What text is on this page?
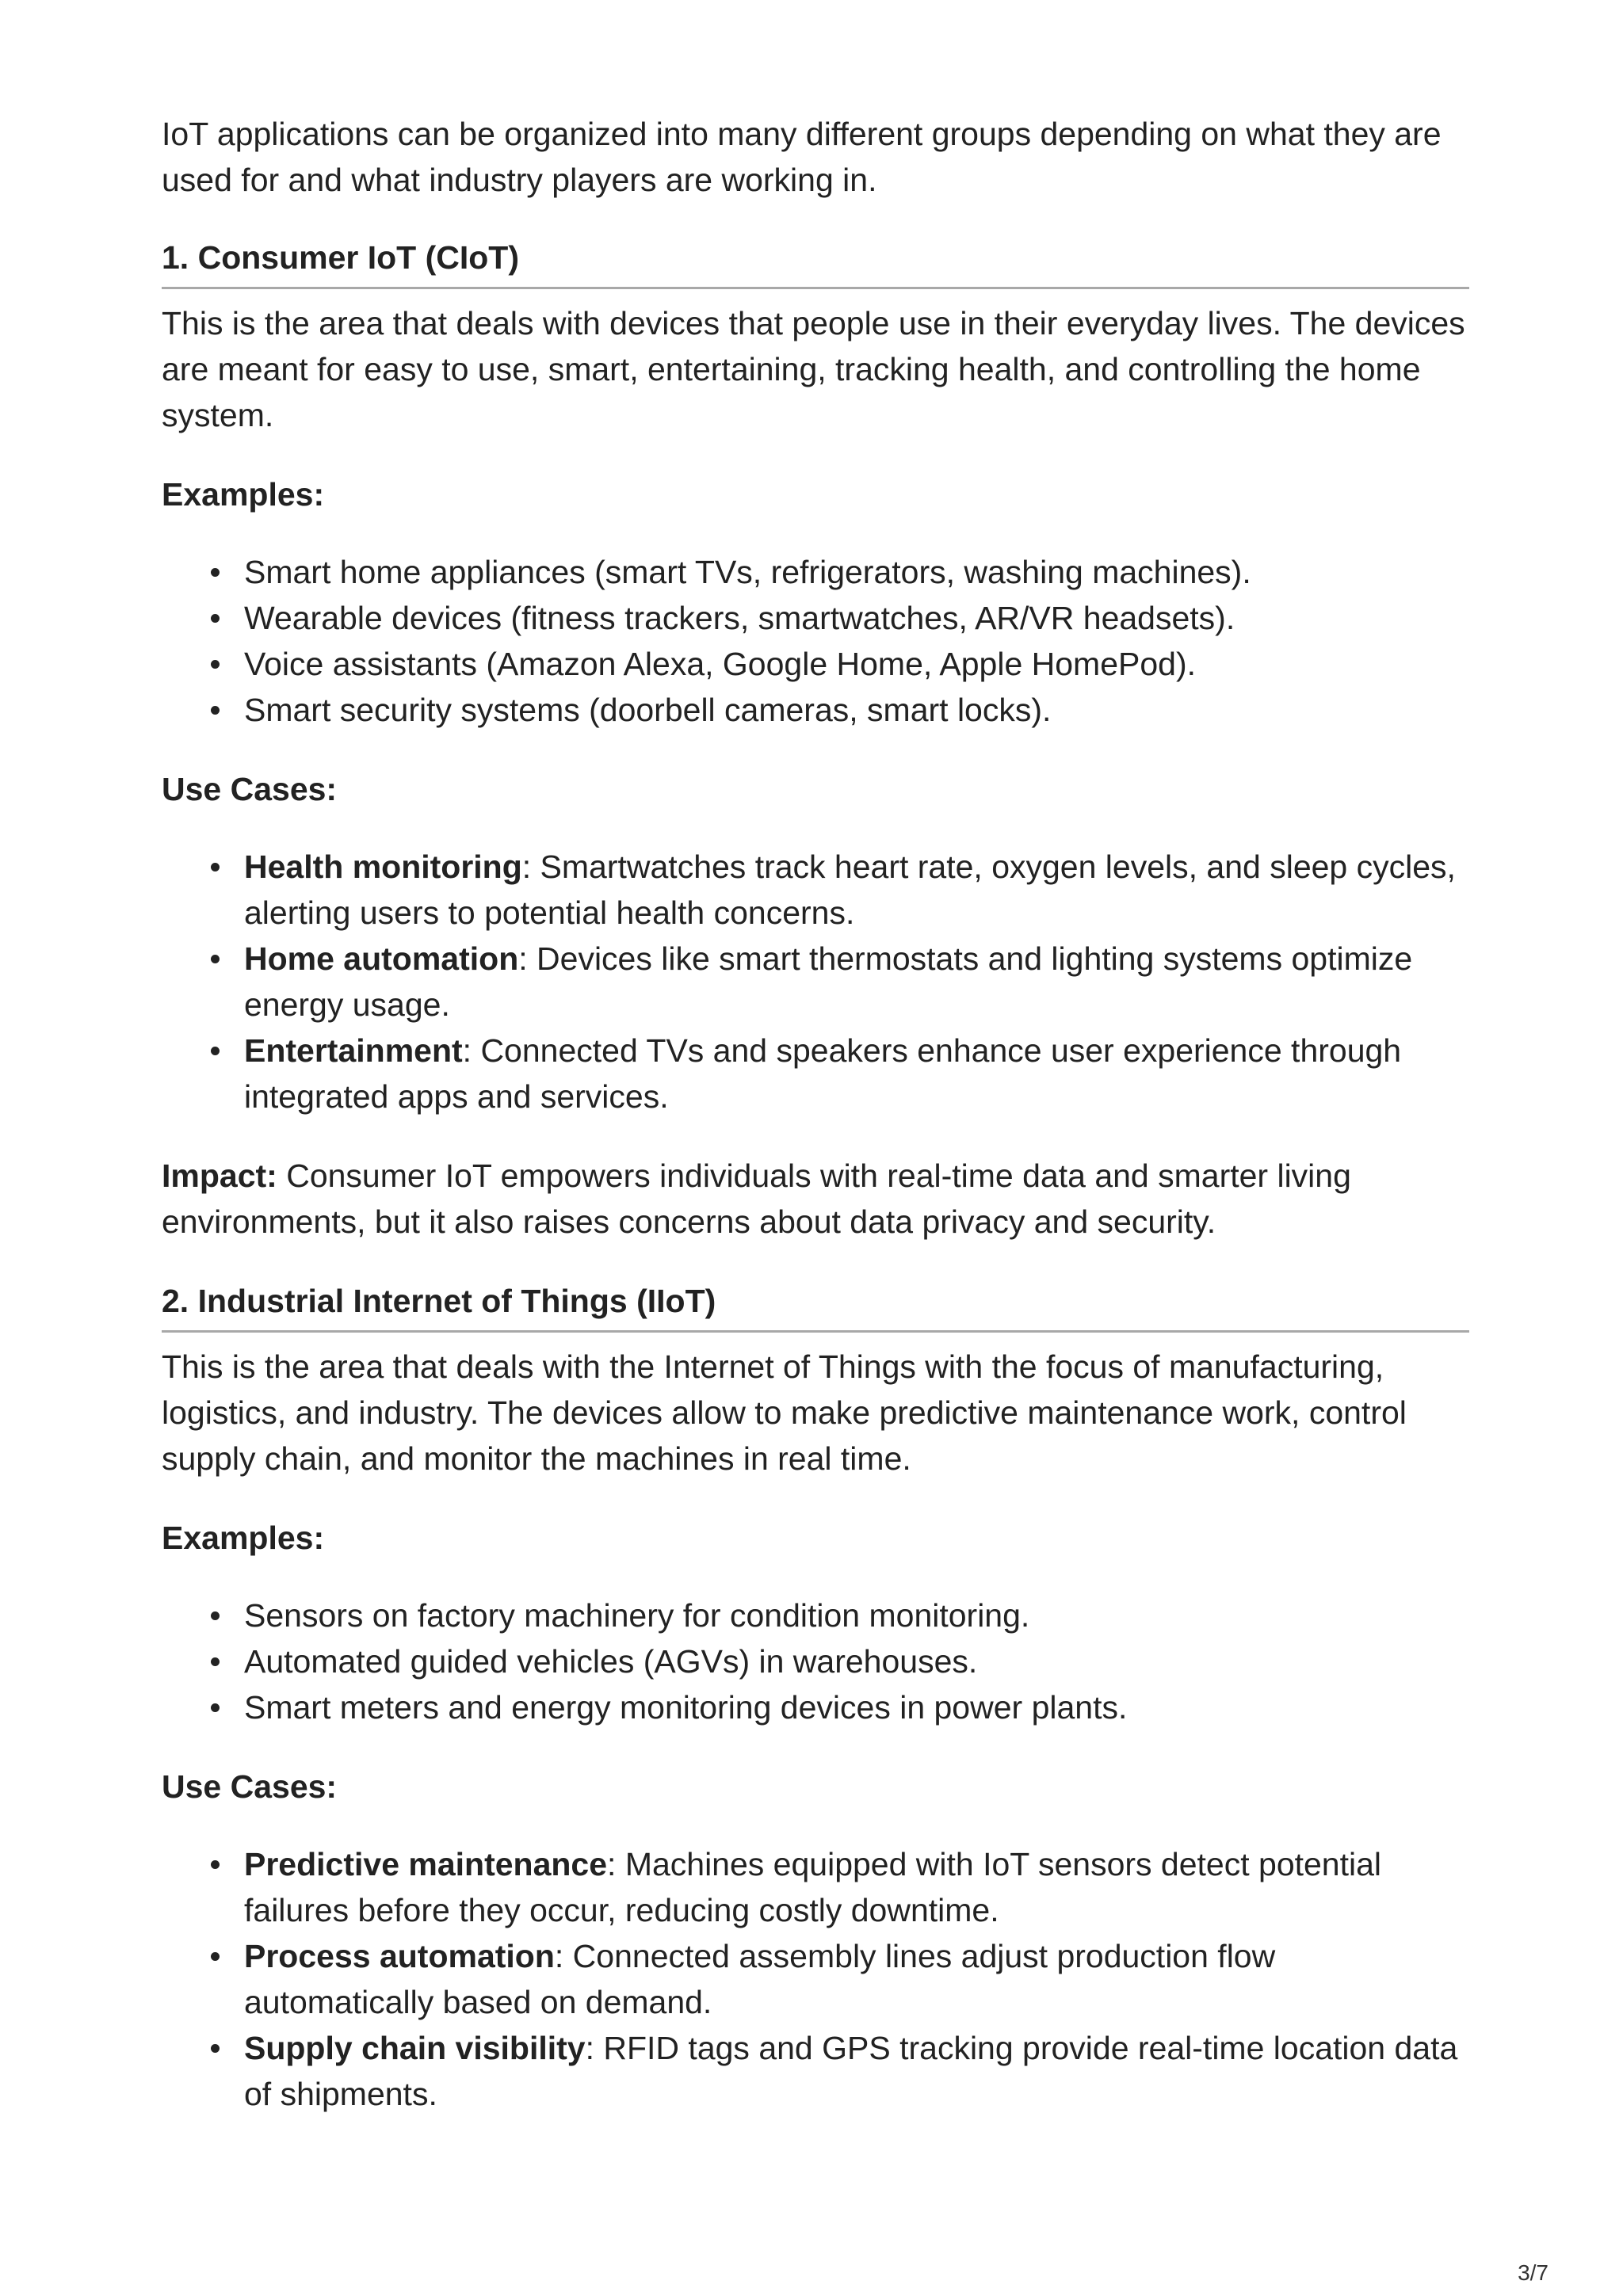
IoT applications can be organized into many different groups depending on what they are used for and what industry players are working in.

1. Consumer IoT (CIoT)

This is the area that deals with devices that people use in their everyday lives. The devices are meant for easy to use, smart, entertaining, tracking health, and controlling the home system.

Examples:

Smart home appliances (smart TVs, refrigerators, washing machines).
Wearable devices (fitness trackers, smartwatches, AR/VR headsets).
Voice assistants (Amazon Alexa, Google Home, Apple HomePod).
Smart security systems (doorbell cameras, smart locks).

Use Cases:

Health monitoring: Smartwatches track heart rate, oxygen levels, and sleep cycles, alerting users to potential health concerns.
Home automation: Devices like smart thermostats and lighting systems optimize energy usage.
Entertainment: Connected TVs and speakers enhance user experience through integrated apps and services.

Impact: Consumer IoT empowers individuals with real-time data and smarter living environments, but it also raises concerns about data privacy and security.

2. Industrial Internet of Things (IIoT)

This is the area that deals with the Internet of Things with the focus of manufacturing, logistics, and industry. The devices allow to make predictive maintenance work, control supply chain, and monitor the machines in real time.

Examples:

Sensors on factory machinery for condition monitoring.
Automated guided vehicles (AGVs) in warehouses.
Smart meters and energy monitoring devices in power plants.

Use Cases:

Predictive maintenance: Machines equipped with IoT sensors detect potential failures before they occur, reducing costly downtime.
Process automation: Connected assembly lines adjust production flow automatically based on demand.
Supply chain visibility: RFID tags and GPS tracking provide real-time location data of shipments.
3/7
